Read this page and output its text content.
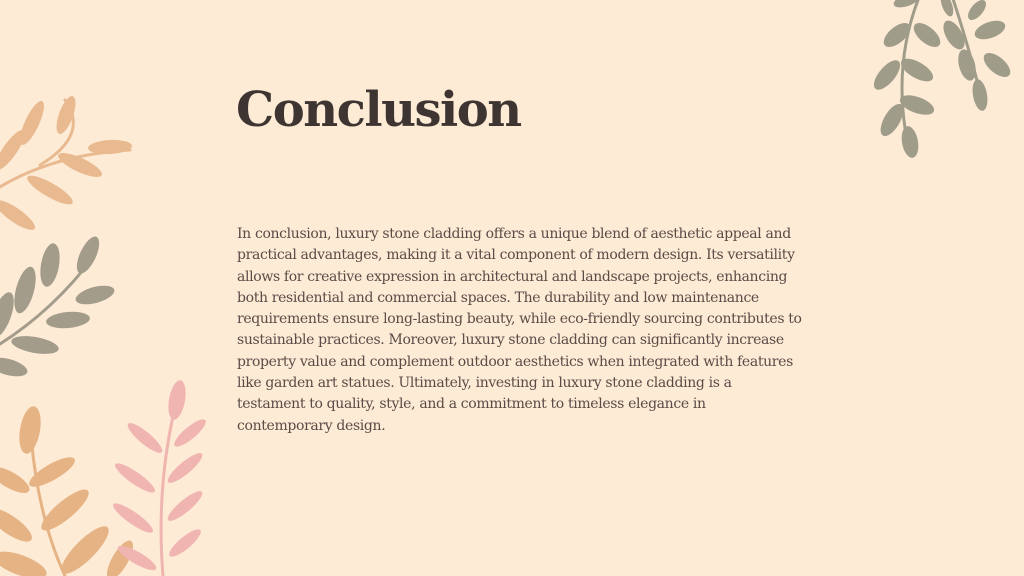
Conclusion

In conclusion, luxury stone cladding offers a unique blend of aesthetic appeal and practical advantages, making it a vital component of modern design. Its versatility allows for creative expression in architectural and landscape projects, enhancing both residential and commercial spaces. The durability and low maintenance requirements ensure long-lasting beauty, while eco-friendly sourcing contributes to sustainable practices. Moreover, luxury stone cladding can significantly increase property value and complement outdoor aesthetics when integrated with features like garden art statues. Ultimately, investing in luxury stone cladding is a testament to quality, style, and a commitment to timeless elegance in contemporary design.
